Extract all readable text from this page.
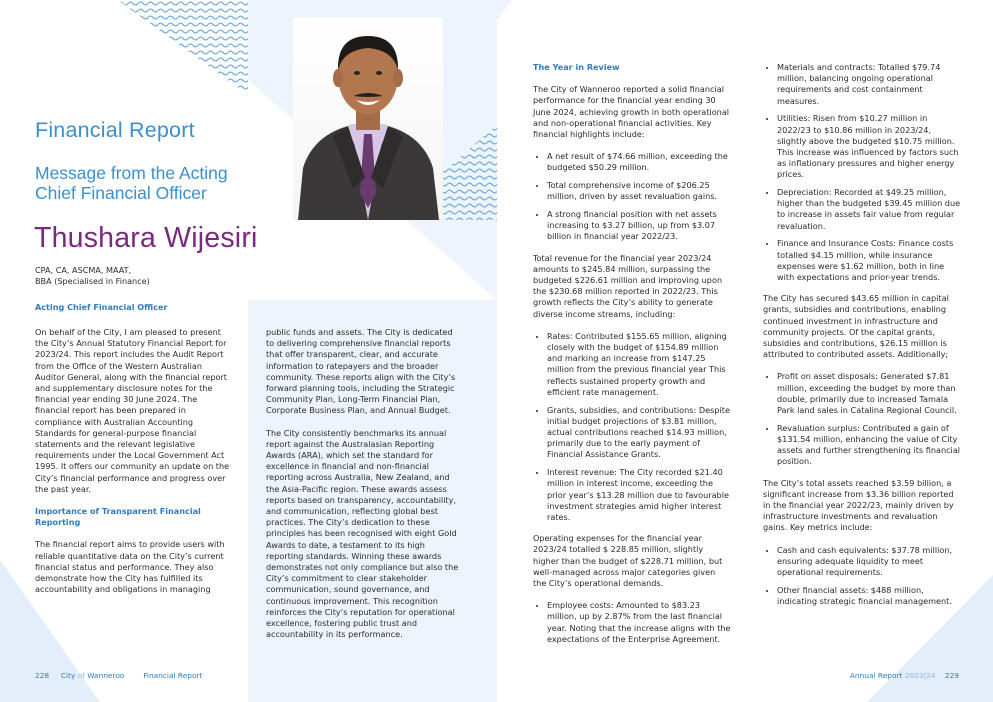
Financial Report
Message from the Acting Chief Financial Officer
Thushara Wijesiri
CPA, CA, ASCMA, MAAT,
BBA (Specialised in Finance)
Acting Chief Financial Officer

On behalf of the City, I am pleased to present the City’s Annual Statutory Financial Report for 2023/24. This report includes the Audit Report from the Office of the Western Australian Auditor General, along with the financial report and supplementary disclosure notes for the financial year ending 30 June 2024. The financial report has been prepared in compliance with Australian Accounting Standards for general-purpose financial statements and the relevant legislative requirements under the Local Government Act 1995. It offers our community an update on the City’s financial performance and progress over the past year.

Importance of Transparent Financial Reporting

The financial report aims to provide users with reliable quantitative data on the City’s current financial status and performance. They also demonstrate how the City has fulfilled its accountability and obligations in managing

public funds and assets. The City is dedicated to delivering comprehensive financial reports that offer transparent, clear, and accurate information to ratepayers and the broader community. These reports align with the City’s forward planning tools, including the Strategic Community Plan, Long-Term Financial Plan, Corporate Business Plan, and Annual Budget.

The City consistently benchmarks its annual report against the Australasian Reporting Awards (ARA), which set the standard for excellence in financial and non-financial reporting across Australia, New Zealand, and the Asia-Pacific region. These awards assess reports based on transparency, accountability, and communication, reflecting global best practices. The City’s dedication to these principles has been recognised with eight Gold Awards to date, a testament to its high reporting standards. Winning these awards demonstrates not only compliance but also the City’s commitment to clear stakeholder communication, sound governance, and continuous improvement. This recognition reinforces the City’s reputation for operational excellence, fostering public trust and accountability in its performance.

228 City of Wanneroo	Financial Report
The Year in Review

The City of Wanneroo reported a solid financial performance for the financial year ending 30 June 2024, achieving growth in both operational and non-operational financial activities. Key financial highlights include:

• A net result of $74.66 million, exceeding the budgeted $50.29 million.
• Total comprehensive income of $206.25 million, driven by asset revaluation gains.
• A strong financial position with net assets increasing to $3.27 billion, up from $3.07 billion in financial year 2022/23.

Total revenue for the financial year 2023/24 amounts to $245.84 million, surpassing the budgeted $226.61 million and improving upon the $230.68 million reported in 2022/23. This growth reflects the City’s ability to generate diverse income streams, including:

• Rates: Contributed $155.65 million, aligning closely with the budget of $154.89 million and marking an increase from $147.25 million from the previous financial year This reflects sustained property growth and efficient rate management.
• Grants, subsidies, and contributions: Despite initial budget projections of $3.81 million, actual contributions reached $14.93 million, primarily due to the early payment of Financial Assistance Grants.
• Interest revenue: The City recorded $21.40 million in interest income, exceeding the prior year’s $13.28 million due to favourable investment strategies amid higher interest rates.

Operating expenses for the financial year 2023/24 totalled $ 228.85 million, slightly higher than the budget of $228.71 million, but well-managed across major categories given the City’s operational demands.

• Employee costs: Amounted to $83.23 million, up by 2.87% from the last financial year. Noting that the increase aligns with the expectations of the Enterprise Agreement.
• Materials and contracts: Totalled $79.74 million, balancing ongoing operational requirements and cost containment measures.
• Utilities: Risen from $10.27 million in 2022/23 to $10.86 million in 2023/24, slightly above the budgeted $10.75 million. This increase was influenced by factors such as inflationary pressures and higher energy prices.
• Depreciation: Recorded at $49.25 million, higher than the budgeted $39.45 million due to increase in assets fair value from regular revaluation.
• Finance and Insurance Costs: Finance costs totalled $4.15 million, while insurance expenses were $1.62 million, both in line with expectations and prior-year trends.

The City has secured $43.65 million in capital grants, subsidies and contributions, enabling continued investment in infrastructure and community projects. Of the capital grants, subsidies and contributions, $26.15 million is attributed to contributed assets. Additionally;

• Profit on asset disposals: Generated $7.81 million, exceeding the budget by more than double, primarily due to increased Tamala Park land sales in Catalina Regional Council.
• Revaluation surplus: Contributed a gain of $131.54 million, enhancing the value of City assets and further strengthening its financial position.

The City’s total assets reached $3.59 billion, a significant increase from $3.36 billion reported in the financial year 2022/23, mainly driven by infrastructure investments and revaluation gains. Key metrics include:

• Cash and cash equivalents: $37.78 million, ensuring adequate liquidity to meet operational requirements.
• Other financial assets: $488 million, indicating strategic financial management.
Annual Report 2023|24 229
